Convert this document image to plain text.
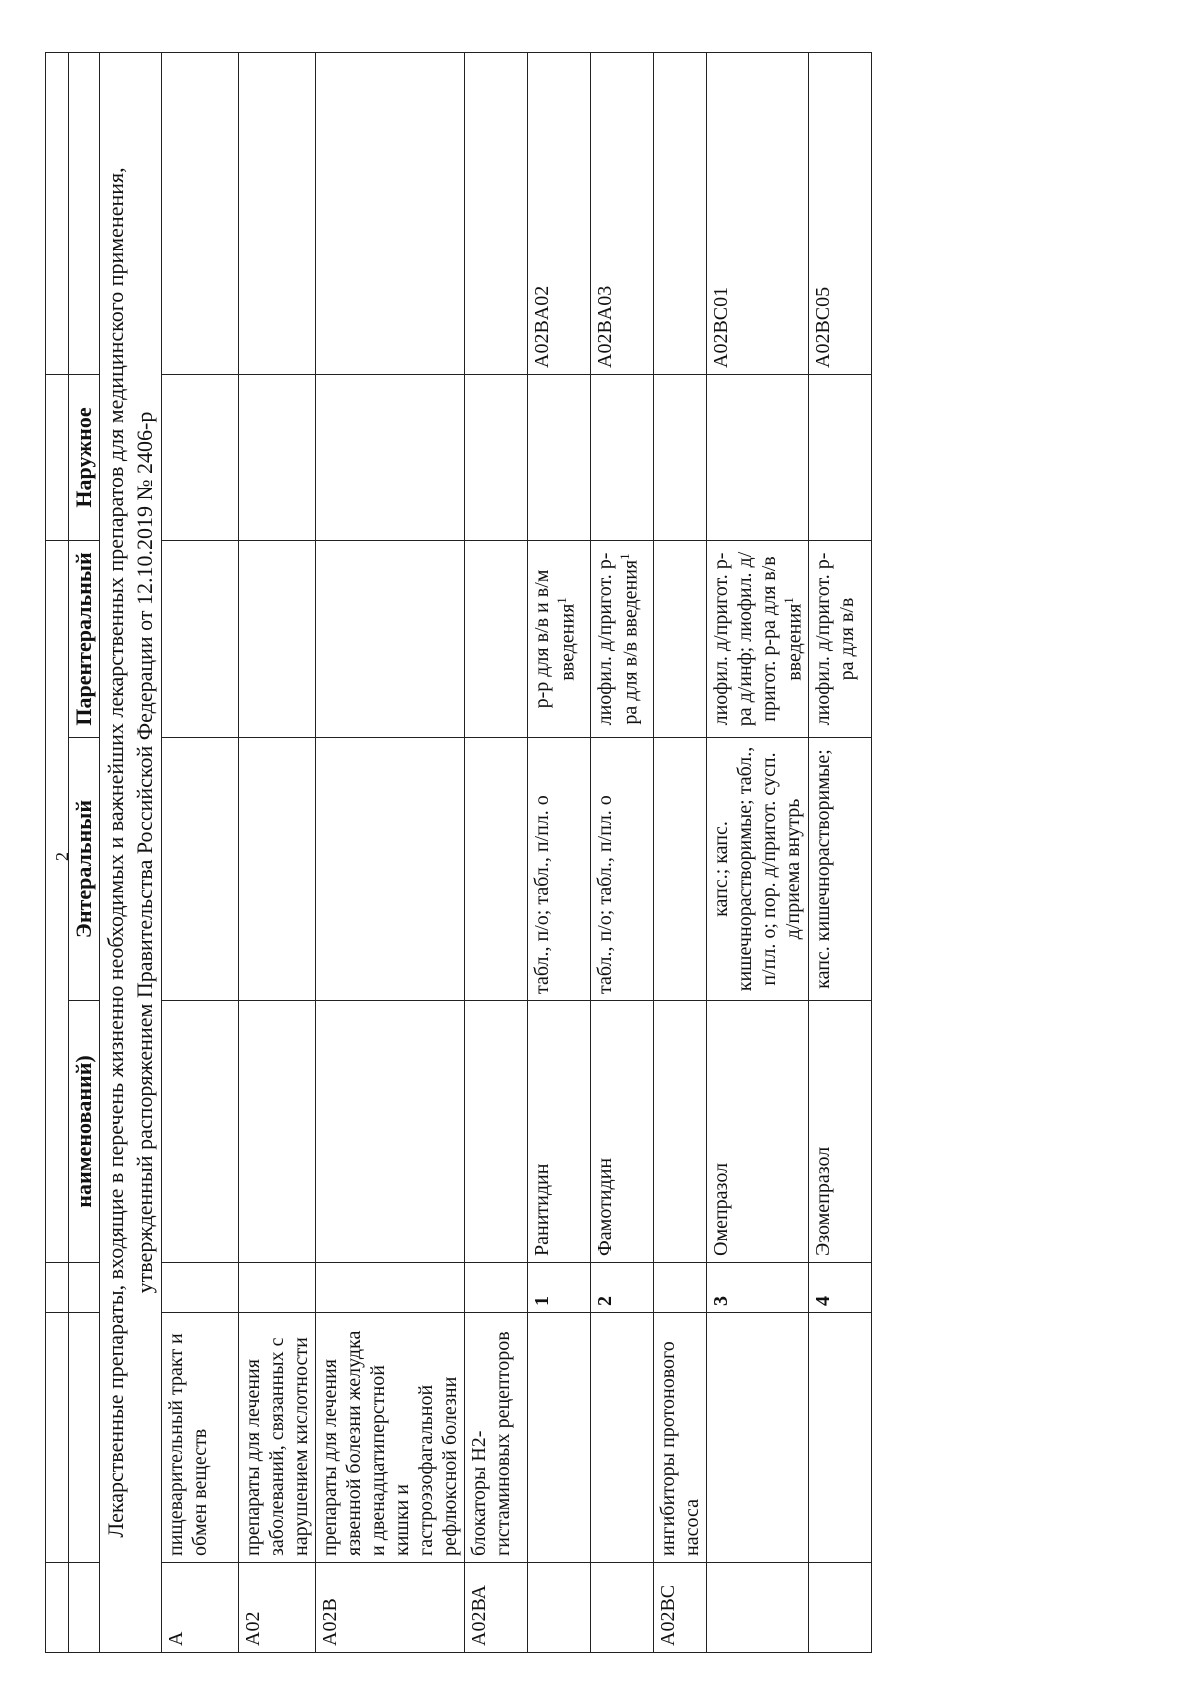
2

			наименований)	Энтеральный	Парентеральный	Наружное	

Лекарственные препараты, входящие в перечень жизненно необходимых и важнейших лекарственных препаратов для медицинского применения, утвержденный распоряжением Правительства Российской Федерации от 12.10.2019 № 2406-р							

А	пищеварительный тракт и обмен веществ						
А02	препараты для лечения заболеваний, связанных с нарушением кислотности						
А02В	препараты для лечения язвенной болезни желудка и двенадцатиперстной кишки и гастроэзофагальной рефлюксной болезни						
А02ВА	блокаторы Н2-гистаминовых рецепторов						
		1	Ранитидин	табл., п/о; табл., п/пл. о	р-р для в/в и в/м введения$^1$		A02BA02
		2	Фамотидин	табл., п/о; табл., п/пл. о	лиофил. д/пригот. р-ра для в/в введения$^1$		A02BA03
А02ВС	ингибиторы протонового насоса						
		3	Омепразол	капс.; капс. кишечнорастворимые; табл., п/пл. о; пор. д/пригот. сусп. д/приема внутрь	лиофил. д/пригот. р-ра д/инф; лиофил. д/пригот. р-ра для в/в введения$^1$		A02BC01
		4	Эзомепразол	капс. кишечнорастворимые;	лиофил. д/пригот. р-ра для в/в		A02BC05
